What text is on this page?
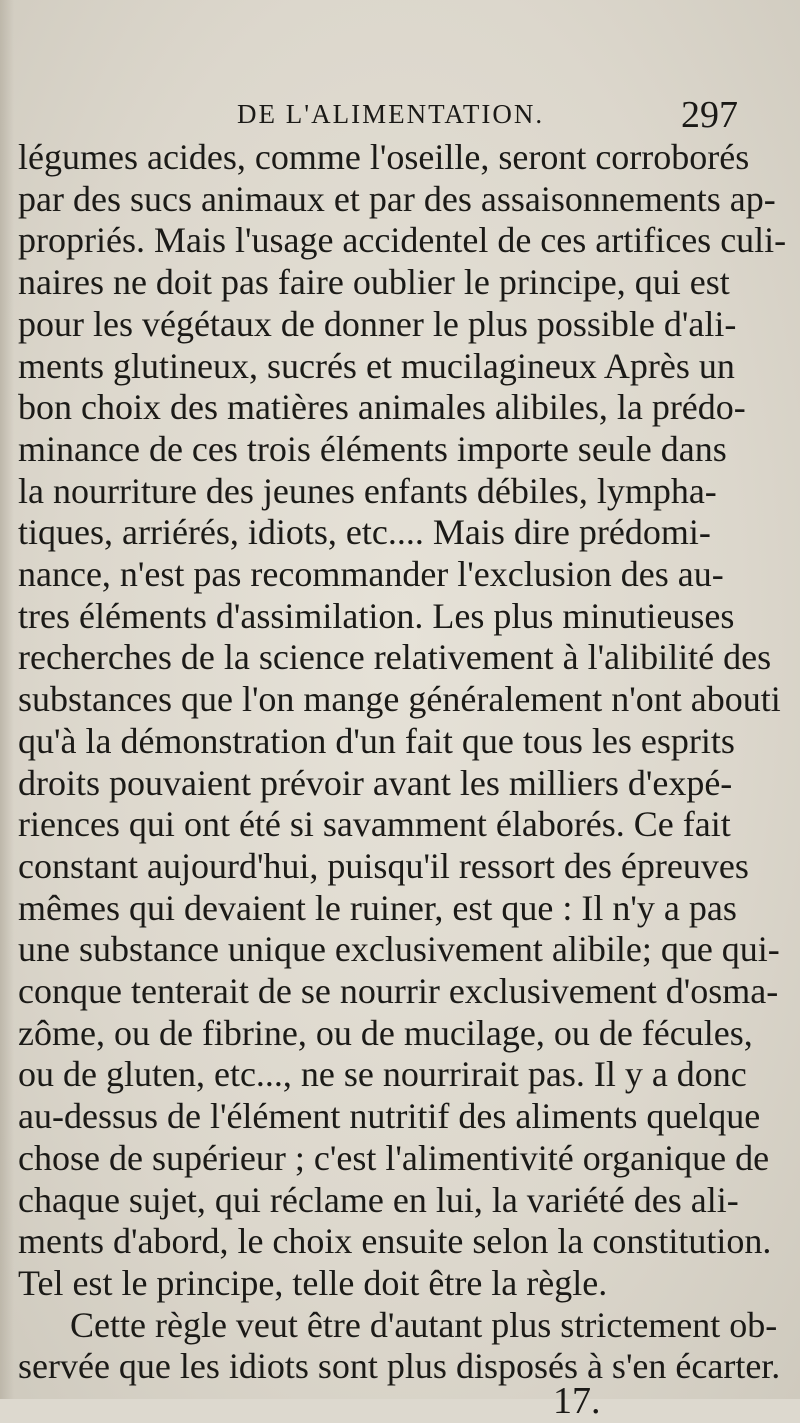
DE L'ALIMENTATION.	297
légumes acides, comme l'oseille, seront corroborés
par des sucs animaux et par des assaisonnements ap-
propriés. Mais l'usage accidentel de ces artifices culi-
naires ne doit pas faire oublier le principe, qui est
pour les végétaux de donner le plus possible d'ali-
ments glutineux, sucrés et mucilagineux Après un
bon choix des matières animales alibiles, la prédo-
minance de ces trois éléments importe seule dans
la nourriture des jeunes enfants débiles, lympha-
tiques, arriérés, idiots, etc.... Mais dire prédomi-
nance, n'est pas recommander l'exclusion des au-
tres éléments d'assimilation. Les plus minutieuses
recherches de la science relativement à l'alibilité des
substances que l'on mange généralement n'ont abouti
qu'à la démonstration d'un fait que tous les esprits
droits pouvaient prévoir avant les milliers d'expé-
riences qui ont été si savamment élaborés. Ce fait
constant aujourd'hui, puisqu'il ressort des épreuves
mêmes qui devaient le ruiner, est que : Il n'y a pas
une substance unique exclusivement alibile; que qui-
conque tenterait de se nourrir exclusivement d'osma-
zôme, ou de fibrine, ou de mucilage, ou de fécules,
ou de gluten, etc..., ne se nourrirait pas. Il y a donc
au-dessus de l'élément nutritif des aliments quelque
chose de supérieur ; c'est l'alimentivité organique de
chaque sujet, qui réclame en lui, la variété des ali-
ments d'abord, le choix ensuite selon la constitution.
Tel est le principe, telle doit être la règle.
Cette règle veut être d'autant plus strictement ob-
servée que les idiots sont plus disposés à s'en écarter.
17.
